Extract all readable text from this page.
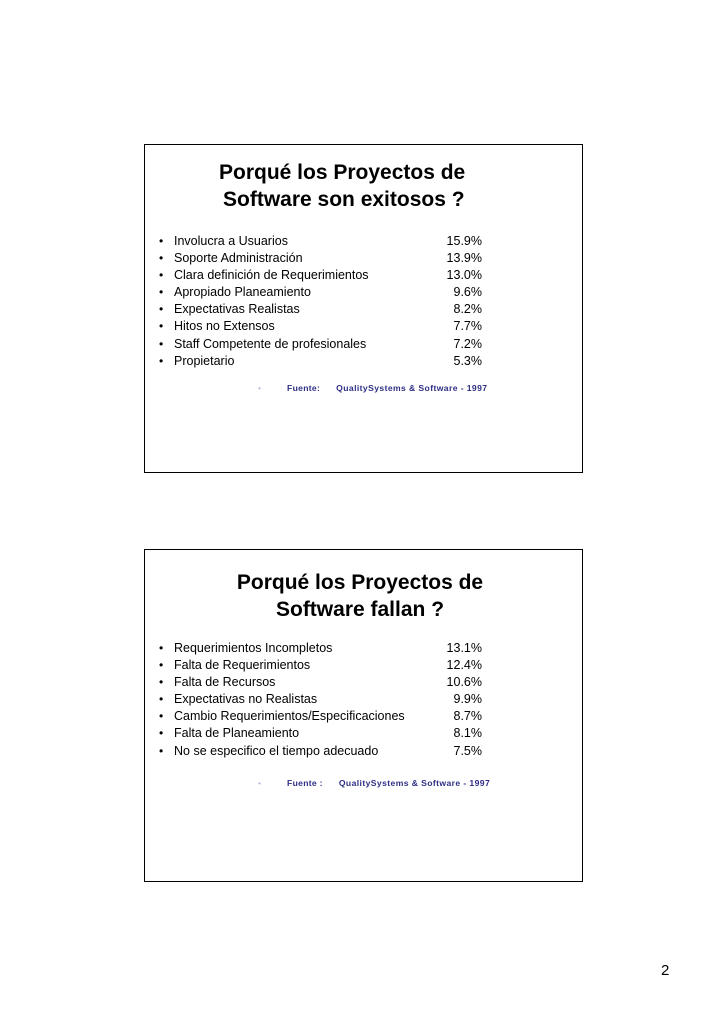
Porqué los Proyectos de
Software son exitosos ?
• Involucra a Usuarios	15.9%
• Soporte Administración	13.9%
• Clara definición de Requerimientos	13.0%
• Apropiado Planeamiento	9.6%
• Expectativas Realistas	8.2%
• Hitos no Extensos	7.7%
• Staff Competente de profesionales	7.2%
• Propietario	5.3%
•	Fuente: QualitySystems & Software - 1997
Porqué los Proyectos de
Software fallan ?
• Requerimientos Incompletos	13.1%
• Falta de Requerimientos	12.4%
• Falta de Recursos	10.6%
• Expectativas no Realistas	9.9%
• Cambio Requerimientos/Especificaciones	8.7%
• Falta de Planeamiento	8.1%
• No se especifico el tiempo adecuado	7.5%
•	Fuente : QualitySystems & Software - 1997
2
